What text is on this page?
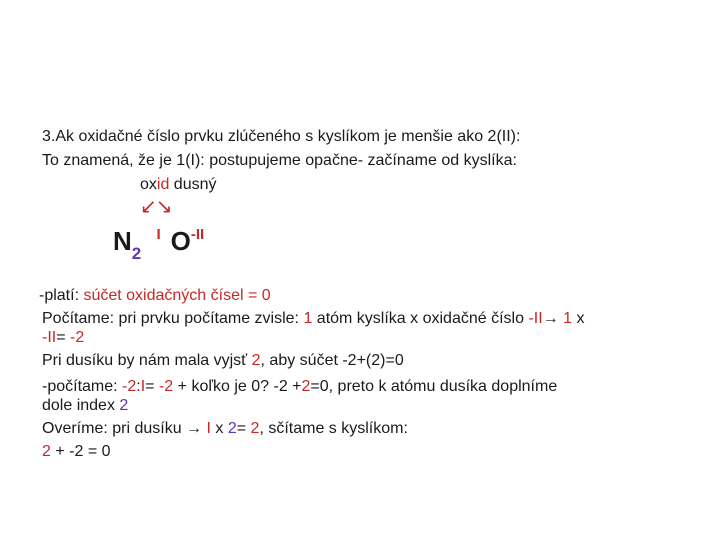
3.Ak oxidačné číslo prvku zlúčeného s kyslíkom je menšie ako 2(II):
To znamená, že je 1(I): postupujeme opačne- začíname od kyslíka:
oxid dusný
↙↘
$N_2$ $^I$ $O^{-II}$
-platí: súčet oxidačných čísel = 0
Počítame: pri prvku počítame zvisle: 1 atóm kyslíka x oxidačné číslo -II→ 1 x
-II= -2
Pri dusíku by nám mala vyjsť 2, aby súčet -2+(2)=0
-počítame: -2:I= -2 + koľko je 0? -2 +2=0, preto k atómu dusíka doplníme
dole index 2
Overíme: pri dusíku → I x 2= 2, sčítame s kyslíkom:
2 + -2 = 0
